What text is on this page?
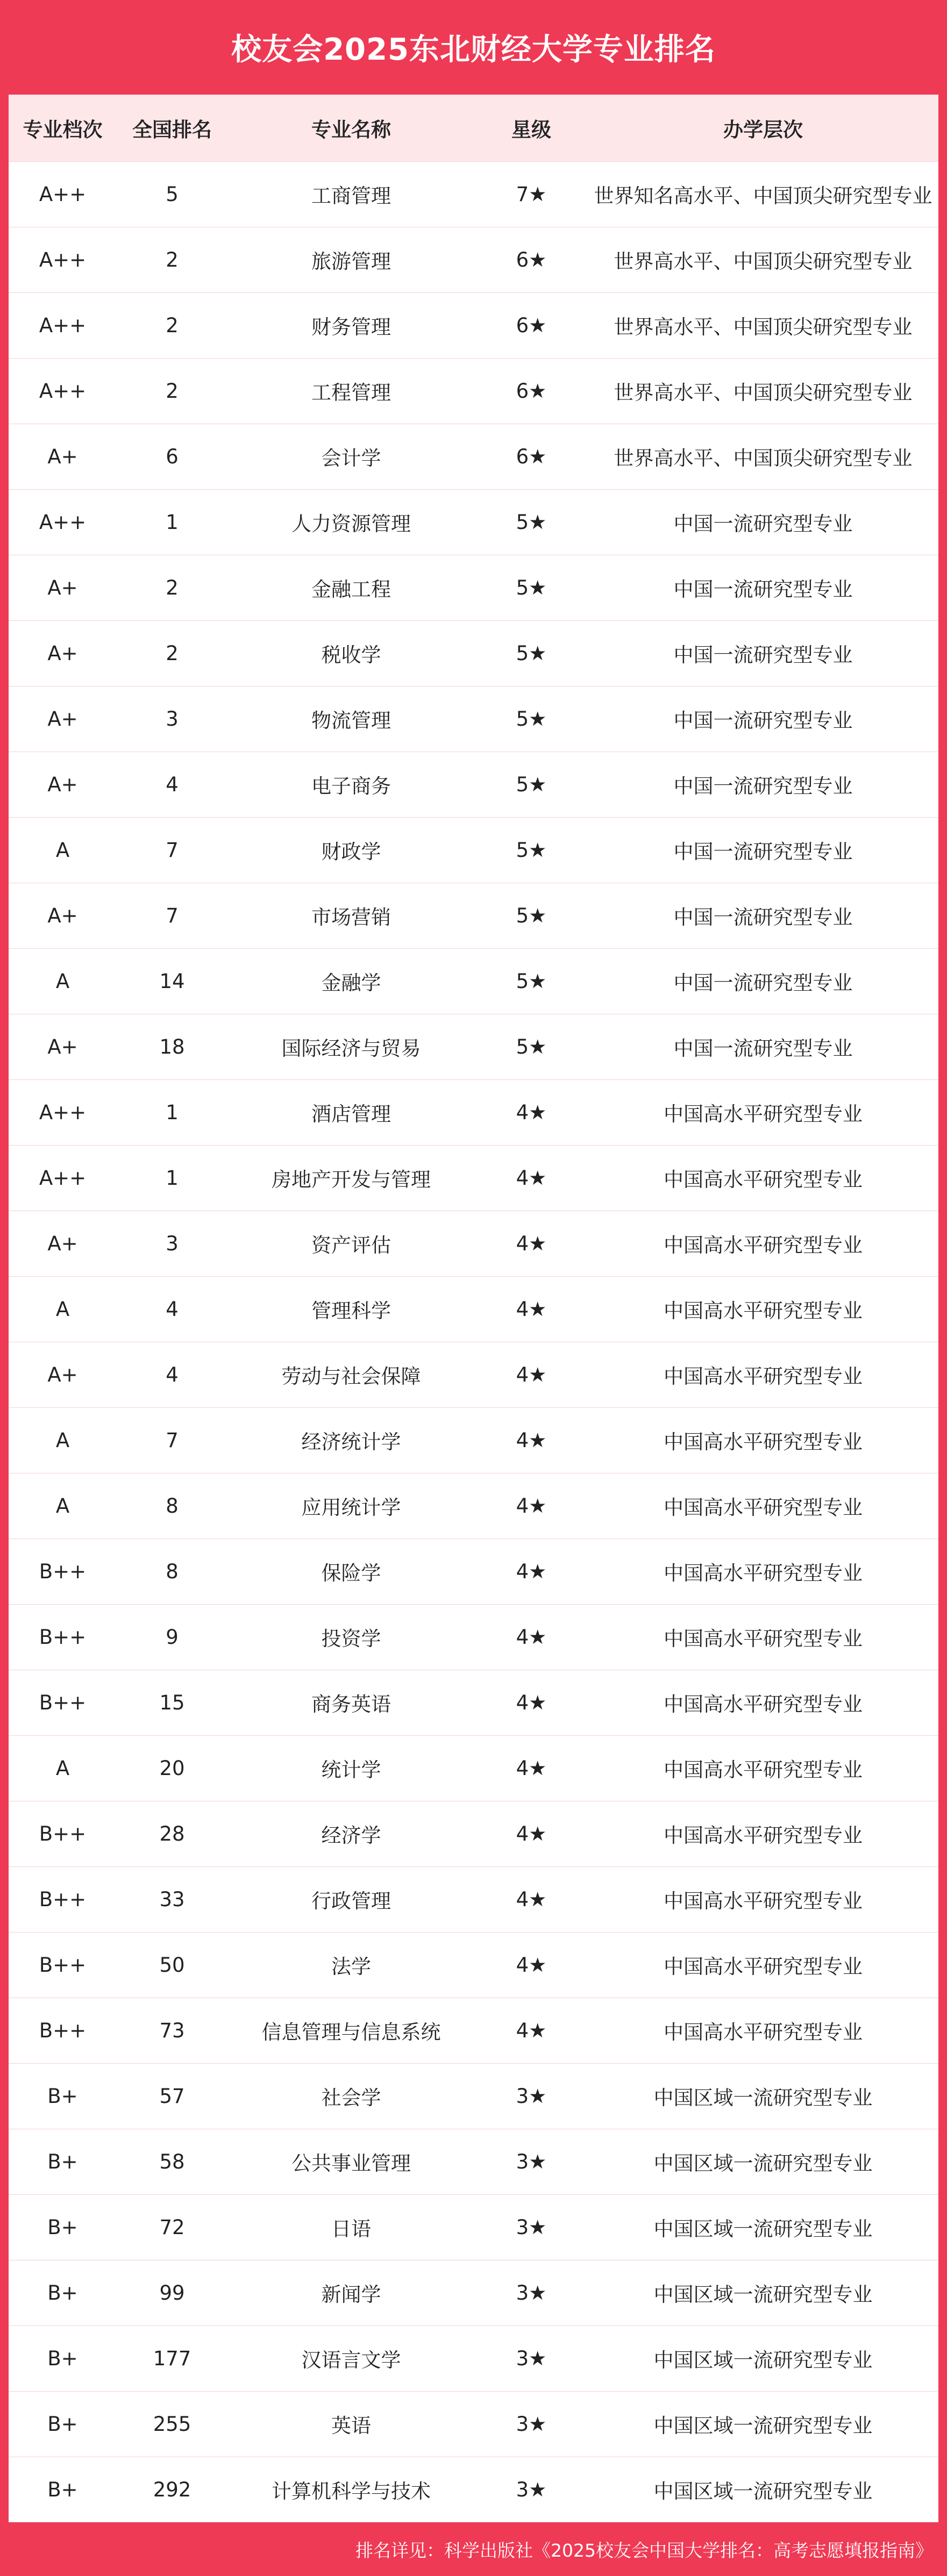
校友会2025东北财经大学专业排名
专业档次	全国排名	专业名称	星级	办学层次
A++	5	工商管理	7★	世界知名高水平、中国顶尖研究型专业
A++	2	旅游管理	6★	世界高水平、中国顶尖研究型专业
A++	2	财务管理	6★	世界高水平、中国顶尖研究型专业
A++	2	工程管理	6★	世界高水平、中国顶尖研究型专业
A+	6	会计学	6★	世界高水平、中国顶尖研究型专业
A++	1	人力资源管理	5★	中国一流研究型专业
A+	2	金融工程	5★	中国一流研究型专业
A+	2	税收学	5★	中国一流研究型专业
A+	3	物流管理	5★	中国一流研究型专业
A+	4	电子商务	5★	中国一流研究型专业
A	7	财政学	5★	中国一流研究型专业
A+	7	市场营销	5★	中国一流研究型专业
A	14	金融学	5★	中国一流研究型专业
A+	18	国际经济与贸易	5★	中国一流研究型专业
A++	1	酒店管理	4★	中国高水平研究型专业
A++	1	房地产开发与管理	4★	中国高水平研究型专业
A+	3	资产评估	4★	中国高水平研究型专业
A	4	管理科学	4★	中国高水平研究型专业
A+	4	劳动与社会保障	4★	中国高水平研究型专业
A	7	经济统计学	4★	中国高水平研究型专业
A	8	应用统计学	4★	中国高水平研究型专业
B++	8	保险学	4★	中国高水平研究型专业
B++	9	投资学	4★	中国高水平研究型专业
B++	15	商务英语	4★	中国高水平研究型专业
A	20	统计学	4★	中国高水平研究型专业
B++	28	经济学	4★	中国高水平研究型专业
B++	33	行政管理	4★	中国高水平研究型专业
B++	50	法学	4★	中国高水平研究型专业
B++	73	信息管理与信息系统	4★	中国高水平研究型专业
B+	57	社会学	3★	中国区域一流研究型专业
B+	58	公共事业管理	3★	中国区域一流研究型专业
B+	72	日语	3★	中国区域一流研究型专业
B+	99	新闻学	3★	中国区域一流研究型专业
B+	177	汉语言文学	3★	中国区域一流研究型专业
B+	255	英语	3★	中国区域一流研究型专业
B+	292	计算机科学与技术	3★	中国区域一流研究型专业
排名详见：科学出版社《2025校友会中国大学排名：高考志愿填报指南》
